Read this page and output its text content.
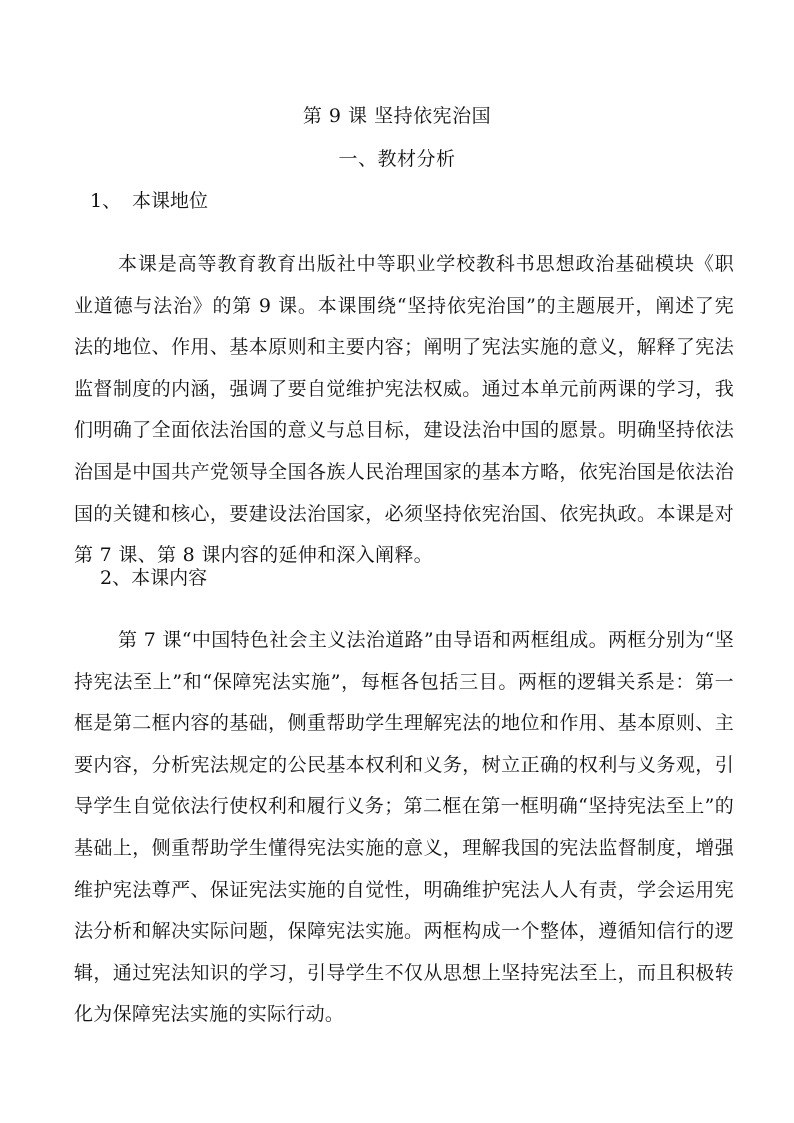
第 9 课 坚持依宪治国
一、教材分析
1、 本课地位

本课是高等教育教育出版社中等职业学校教科书思想政治基础模块《职业道德与法治》的第 9 课。本课围绕“坚持依宪治国”的主题展开，阐述了宪法的地位、作用、基本原则和主要内容；阐明了宪法实施的意义，解释了宪法监督制度的内涵，强调了要自觉维护宪法权威。通过本单元前两课的学习，我们明确了全面依法治国的意义与总目标，建设法治中国的愿景。明确坚持依法治国是中国共产党领导全国各族人民治理国家的基本方略，依宪治国是依法治国的关键和核心，要建设法治国家，必须坚持依宪治国、依宪执政。本课是对第 7 课、第 8 课内容的延伸和深入阐释。

2、本课内容

第 7 课“中国特色社会主义法治道路”由导语和两框组成。两框分别为“坚持宪法至上”和“保障宪法实施”，每框各包括三目。两框的逻辑关系是：第一框是第二框内容的基础，侧重帮助学生理解宪法的地位和作用、基本原则、主要内容，分析宪法规定的公民基本权利和义务，树立正确的权利与义务观，引导学生自觉依法行使权利和履行义务；第二框在第一框明确“坚持宪法至上”的基础上，侧重帮助学生懂得宪法实施的意义，理解我国的宪法监督制度，增强维护宪法尊严、保证宪法实施的自觉性，明确维护宪法人人有责，学会运用宪法分析和解决实际问题，保障宪法实施。两框构成一个整体，遵循知信行的逻辑，通过宪法知识的学习，引导学生不仅从思想上坚持宪法至上，而且积极转化为保障宪法实施的实际行动。
